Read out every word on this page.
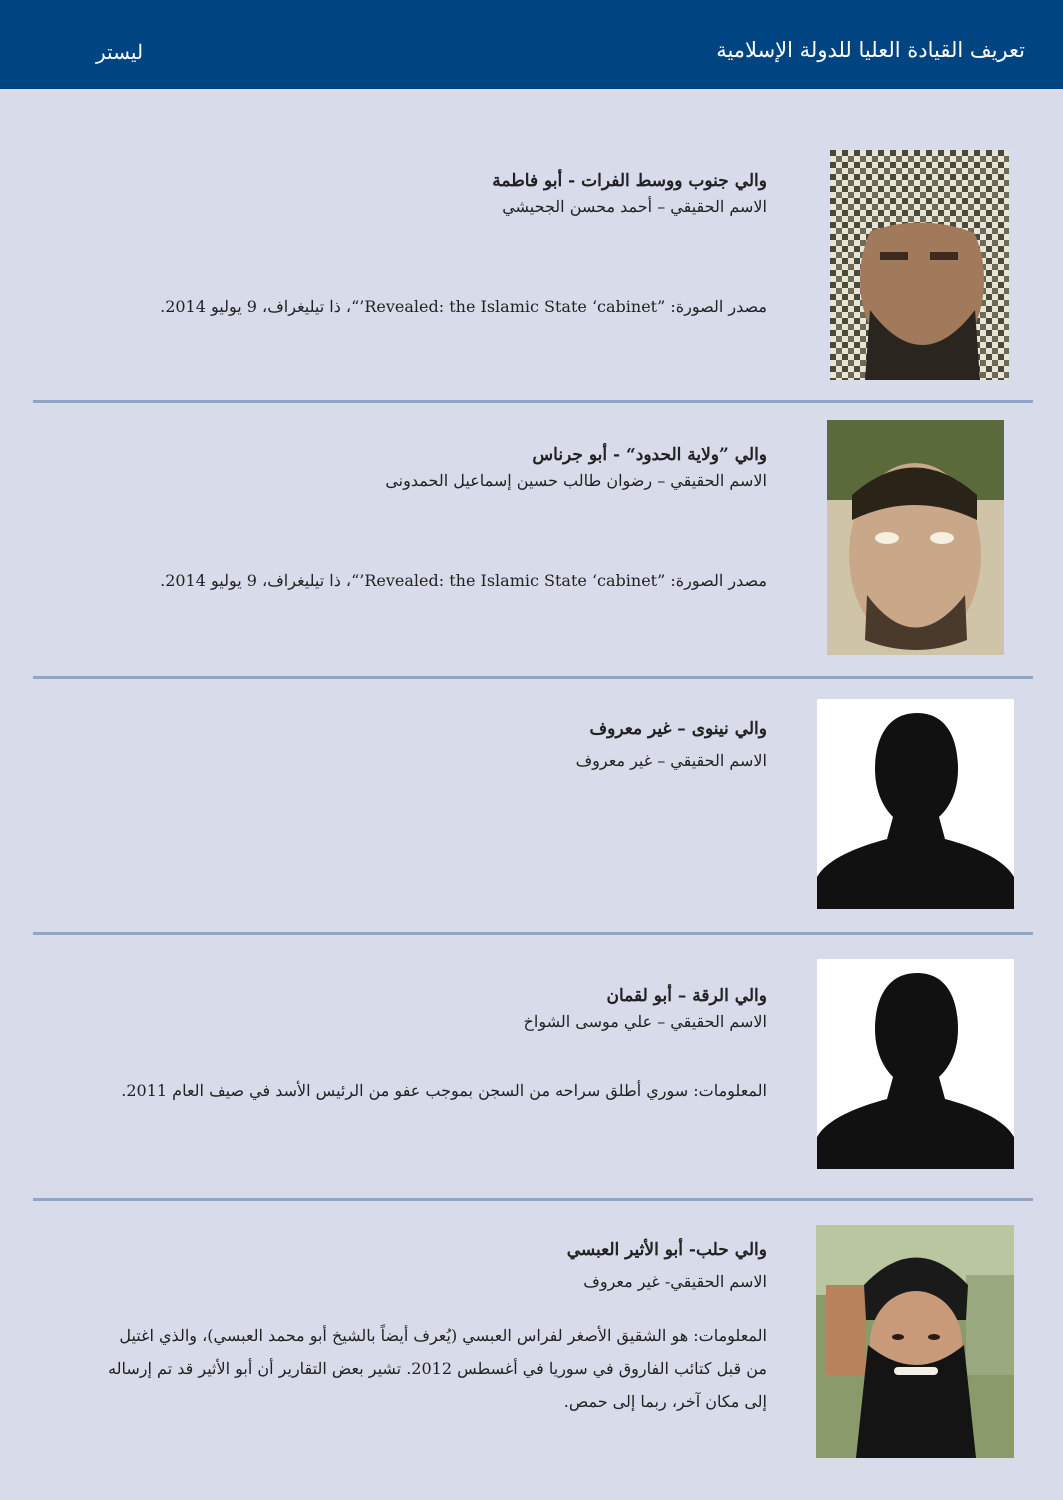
تعريف القيادة العليا للدولة الإسلامية
ليستر
والي جنوب ووسط الفرات - أبو فاطمة
الاسم الحقيقي – أحمد محسن الجحيشي
مصدر الصورة: ”Revealed: the Islamic State ‘cabinet’“، ذا تيليغراف، 9 يوليو 2014.
والي ”ولاية الحدود“ - أبو جرناس
الاسم الحقيقي – رضوان طالب حسين إسماعيل الحمدونى
مصدر الصورة: ”Revealed: the Islamic State ‘cabinet’“، ذا تيليغراف، 9 يوليو 2014.
والي نينوى – غير معروف
الاسم الحقيقي – غير معروف
والي الرقة – أبو لقمان
الاسم الحقيقي – علي موسى الشواخ
المعلومات: سوري أطلق سراحه من السجن بموجب عفو من الرئيس الأسد في صيف العام 2011.
والي حلب- أبو الأثير العبسي
الاسم الحقيقي- غير معروف
المعلومات: هو الشقيق الأصغر لفراس العبسي (يُعرف أيضاً بالشيخ أبو محمد العبسي)، والذي اغتيل من قبل كتائب الفاروق في سوريا في أغسطس 2012. تشير بعض التقارير أن أبو الأثير قد تم إرساله إلى مكان آخر، ربما إلى حمص.
